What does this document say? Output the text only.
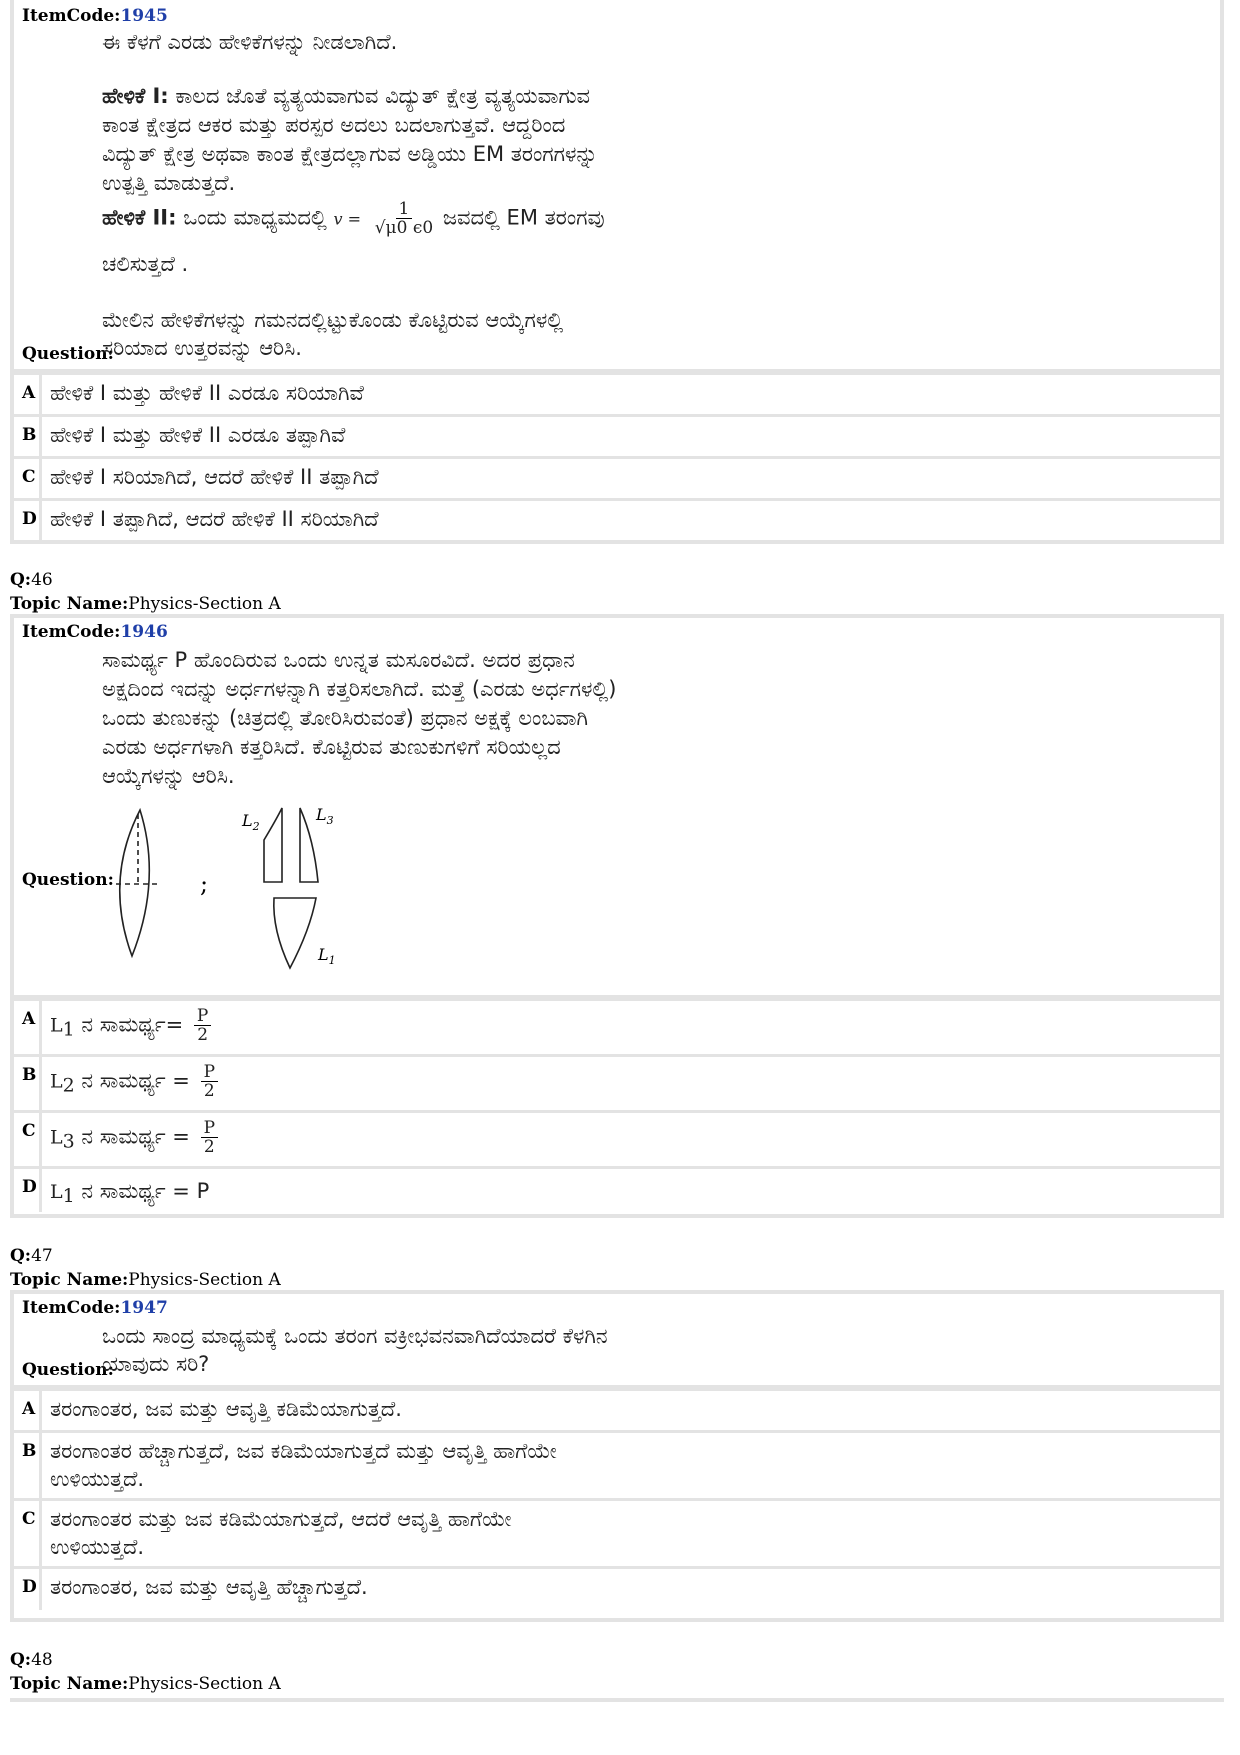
ItemCode:1945
ಈ ಕೆಳಗೆ ಎರಡು ಹೇಳಿಕೆಗಳನ್ನು ನೀಡಲಾಗಿದೆ.
ಹೇಳಿಕೆ I: ಕಾಲದ ಜೊತೆ ವ್ಯತ್ಯಯವಾಗುವ ವಿದ್ಯುತ್ ಕ್ಷೇತ್ರ ವ್ಯತ್ಯಯವಾಗುವ
ಕಾಂತ ಕ್ಷೇತ್ರದ ಆಕರ ಮತ್ತು ಪರಸ್ಪರ ಅದಲು ಬದಲಾಗುತ್ತವೆ. ಆದ್ದರಿಂದ
ವಿದ್ಯುತ್ ಕ್ಷೇತ್ರ ಅಥವಾ ಕಾಂತ ಕ್ಷೇತ್ರದಲ್ಲಾಗುವ ಅಡ್ಡಿಯು EM ತರಂಗಗಳನ್ನು
ಉತ್ಪತ್ತಿ ಮಾಡುತ್ತದೆ.
ಹೇಳಿಕೆ II: ಒಂದು ಮಾಧ್ಯಮದಲ್ಲಿ $v = \frac{1}{√\mu 0 \epsilon 0}$ ಜವದಲ್ಲಿ EM ತರಂಗವು
ಚಲಿಸುತ್ತದೆ .
ಮೇಲಿನ ಹೇಳಿಕೆಗಳನ್ನು ಗಮನದಲ್ಲಿಟ್ಟುಕೊಂಡು ಕೊಟ್ಟಿರುವ ಆಯ್ಕೆಗಳಲ್ಲಿ
Question:
ಸರಿಯಾದ ಉತ್ತರವನ್ನು ಆರಿಸಿ.
A ಹೇಳಿಕೆ I ಮತ್ತು ಹೇಳಿಕೆ II ಎರಡೂ ಸರಿಯಾಗಿವೆ
B ಹೇಳಿಕೆ I ಮತ್ತು ಹೇಳಿಕೆ II ಎರಡೂ ತಪ್ಪಾಗಿವೆ
C ಹೇಳಿಕೆ I ಸರಿಯಾಗಿದೆ, ಆದರೆ ಹೇಳಿಕೆ II ತಪ್ಪಾಗಿದೆ
D ಹೇಳಿಕೆ I ತಪ್ಪಾಗಿದೆ, ಆದರೆ ಹೇಳಿಕೆ II ಸರಿಯಾಗಿದೆ
Q:46
Topic Name:Physics-Section A
ItemCode:1946
ಸಾಮರ್ಥ್ಯ P ಹೊಂದಿರುವ ಒಂದು ಉನ್ನತ ಮಸೂರವಿದೆ. ಅದರ ಪ್ರಧಾನ
ಅಕ್ಷದಿಂದ ಇದನ್ನು ಅರ್ಧಗಳನ್ನಾಗಿ ಕತ್ತರಿಸಲಾಗಿದೆ. ಮತ್ತೆ (ಎರಡು ಅರ್ಧಗಳಲ್ಲಿ)
ಒಂದು ತುಣುಕನ್ನು (ಚಿತ್ರದಲ್ಲಿ ತೋರಿಸಿರುವಂತೆ) ಪ್ರಧಾನ ಅಕ್ಷಕ್ಕೆ ಲಂಬವಾಗಿ
ಎರಡು ಅರ್ಧಗಳಾಗಿ ಕತ್ತರಿಸಿದೆ. ಕೊಟ್ಟಿರುವ ತುಣುಕುಗಳಿಗೆ ಸರಿಯಲ್ಲದ
ಆಯ್ಕೆಗಳನ್ನು ಆರಿಸಿ.
;
$L_2$
$L_3$
$L_1$
Question:
A L1 ನ ಸಾಮರ್ಥ್ಯ= $\frac{P}{2}$
B L2 ನ ಸಾಮರ್ಥ್ಯ = $\frac{P}{2}$
C L3 ನ ಸಾಮರ್ಥ್ಯ = $\frac{P}{2}$
D L1 ನ ಸಾಮರ್ಥ್ಯ = P
Q:47
Topic Name:Physics-Section A
ItemCode:1947
ಒಂದು ಸಾಂದ್ರ ಮಾಧ್ಯಮಕ್ಕೆ ಒಂದು ತರಂಗ ವಕ್ರೀಭವನವಾಗಿದೆಯಾದರೆ ಕೆಳಗಿನ
Question:
ಯಾವುದು ಸರಿ?
A ತರಂಗಾಂತರ, ಜವ ಮತ್ತು ಆವೃತ್ತಿ ಕಡಿಮೆಯಾಗುತ್ತದೆ.
B ತರಂಗಾಂತರ ಹೆಚ್ಚಾಗುತ್ತದೆ, ಜವ ಕಡಿಮೆಯಾಗುತ್ತದೆ ಮತ್ತು ಆವೃತ್ತಿ ಹಾಗೆಯೇ
ಉಳಿಯುತ್ತದೆ.
C ತರಂಗಾಂತರ ಮತ್ತು ಜವ ಕಡಿಮೆಯಾಗುತ್ತದೆ, ಆದರೆ ಆವೃತ್ತಿ ಹಾಗೆಯೇ
ಉಳಿಯುತ್ತದೆ.
D ತರಂಗಾಂತರ, ಜವ ಮತ್ತು ಆವೃತ್ತಿ ಹೆಚ್ಚಾಗುತ್ತದೆ.
Q:48
Topic Name:Physics-Section A
